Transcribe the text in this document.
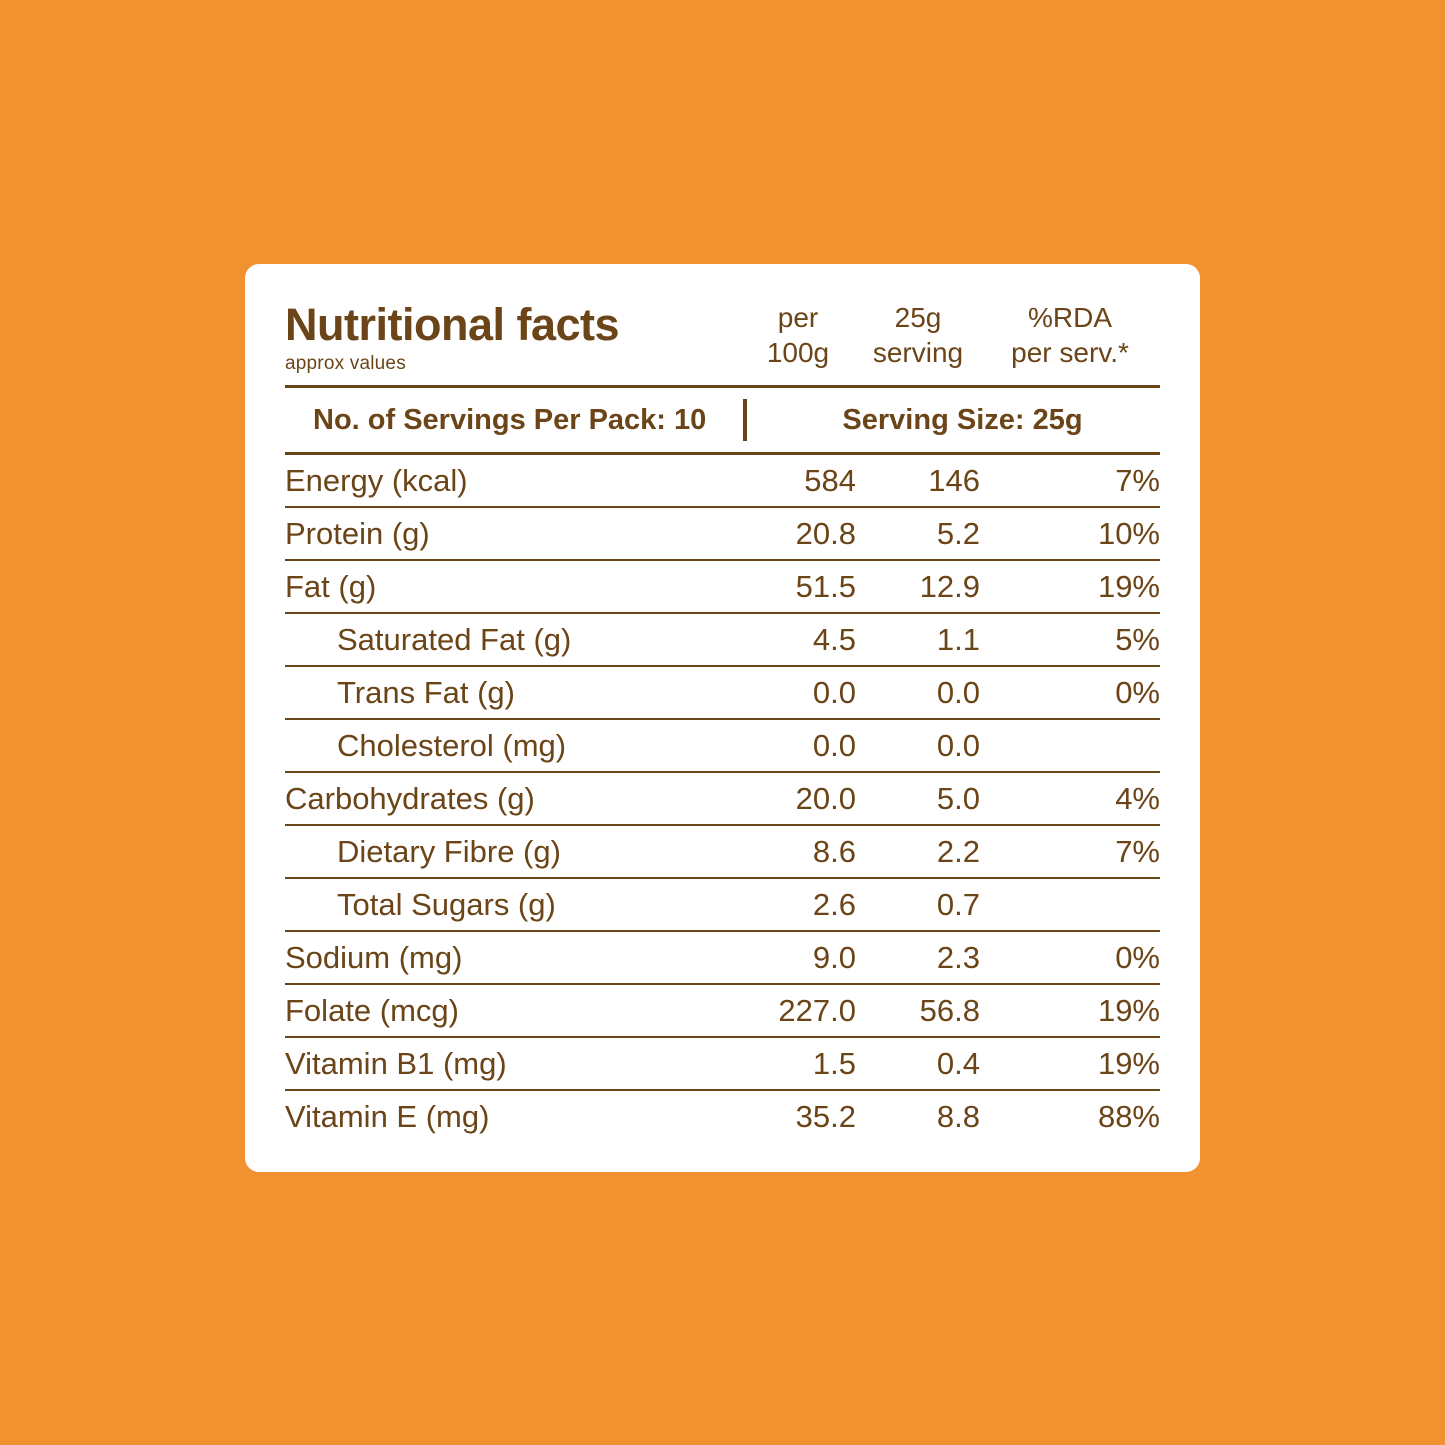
Nutritional facts
approx values
per
100g
25g
serving
%RDA
per serv.*
No. of Servings Per Pack: 10	Serving Size: 25g
Energy (kcal)	584	146	7%
Protein (g)	20.8	5.2	10%
Fat (g)	51.5	12.9	19%
Saturated Fat (g)	4.5	1.1	5%
Trans Fat (g)	0.0	0.0	0%
Cholesterol (mg)	0.0	0.0	
Carbohydrates (g)	20.0	5.0	4%
Dietary Fibre (g)	8.6	2.2	7%
Total Sugars (g)	2.6	0.7	
Sodium (mg)	9.0	2.3	0%
Folate (mcg)	227.0	56.8	19%
Vitamin B1 (mg)	1.5	0.4	19%
Vitamin E (mg)	35.2	8.8	88%
*Based on 2000 kcal diet, FSSAI Labelling & Display Regulation 2020 & NIN ICMR 2020.
